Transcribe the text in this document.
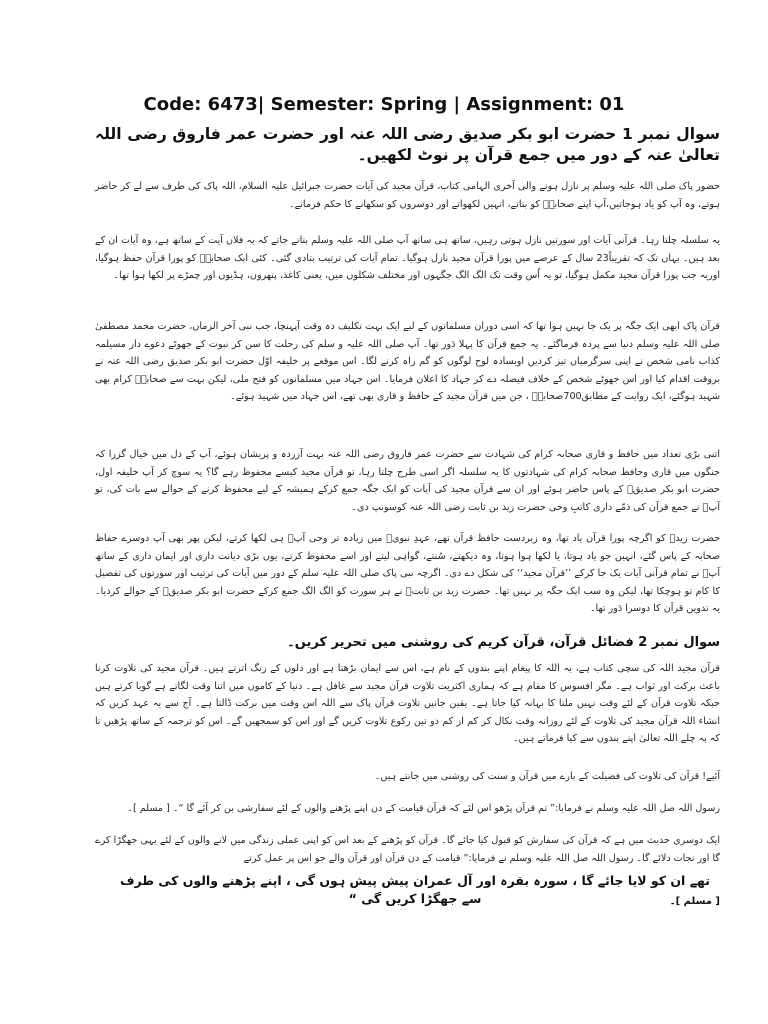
Code: 6473| Semester: Spring | Assignment: 01
سوال نمبر 1 حضرت ابو بکر صدیق رضی اللہ عنہ اور حضرت عمر فاروق رضی اللہ تعالیٰ عنہ کے دور میں جمع قرآن پر نوٹ لکھیں۔
حضور پاک صلی اللہ علیہ وسلم پر نازل ہونے والی آخری الہامی کتاب، قرآن مجید کی آیات حضرت جبرائیل علیہ السلام، اللہ پاک کی طرف سے لے کر حاضر ہوتے، وہ آپ کو یاد ہوجاتیں،آپ اپنے صحابہؓ کو بتاتے، انہیں لکھواتے اور دوسروں کو سکھانے کا حکم فرماتے۔
یہ سلسلہ چلتا رہا۔ قرآنی آیات اور سورتیں نازل ہوتی رہیں، ساتھ ہی ساتھ آپ صلی اللہ علیہ وسلم بتاتے جاتے کہ یہ فلاں آیت کے ساتھ ہے، وہ آیات ان کے بعد ہیں۔ یہاں تک کہ تقریباً23 سال کے عرصے میں پورا قرآن مجید نازل ہوگیا۔ تمام آیات کی ترتیب بتادی گئی۔ کئی ایک صحابہؓ کو پورا قرآن حفظ ہوگیا، اوریہ جب پورا قرآن مجید مکمل ہوگیا، تو یہ اُس وقت تک الگ الگ جگہوں اور مختلف شکلوں میں، یعنی کاغذ، پتھروں، ہڈیوں اور چمڑے پر لکھا ہوا تھا۔
قرآن پاک ابھی ایک جگہ پر یک جا نہیں ہوا تھا کہ اسی دوران مسلمانوں کے لیے ایک بہت تکلیف دہ وقت آپہنچا، جب نبی آخر الزماں، حضرت محمد مصطفیٰ صلی اللہ علیہ وسلم دنیا سے پردہ فرماگئے۔ یہ جمع قرآن کا پہلا دَور تھا۔ آپ صلی اللہ علیہ و سلم کی رحلت کا سن کر نبوت کے جھوٹے دعوے دار مسیلمہ کذاب نامی شخص نے اپنی سرگرمیاں تیز کردیں اوبسادہ لوح لوگوں کو گم راہ کرنے لگا۔ اس موقعے پر خلیفہ اوّل حضرت ابو بکر صدیق رضی اللہ عنہ نے بروقت اقدام کیا اور اس جھوٹے شخص کے خلاف فیصلہ دے کر جہاد کا اعلان فرمایا۔ اس جہاد میں مسلمانوں کو فتح ملی، لیکن بہت سے صحابہؓ کرام بھی شہید ہوگئے، ایک روایت کے مطابق700صحابہؓ ، جن میں قرآن مجید کے حافظ و قاری بھی تھے، اس جہاد میں شہید ہوئے۔
اتنی بڑی تعداد میں حافظ و قاری صحابہ کرام کی شہادت سے حضرت عمر فاروق رضی اللہ عنہ بہت آزردہ و پریشان ہوئے، آپ کے دل میں خیال گزرا کہ جنگوں میں قاری وحافظ صحابہ کرام کی شہادتوں کا یہ سلسلہ اگر اسی طرح چلتا رہا، تو قرآن مجید کیسے محفوظ رہے گا؟ یہ سوچ کر آپ خلیفہ اول، حضرت ابو بکر صدیقؓ کے پاس حاضر ہوئے اور ان سے قرآن مجید کی آیات کو ایک جگہ جمع کرکے ہمیشہ کے لیے محفوظ کرنے کے حوالے سے بات کی، تو آپؓ نے جمع قرآن کی ذمّے داری کاتبِ وحی حضرت زید بن ثابت رضی اللہ عنہ کوسونپ دی۔
حضرت زیدؓ کو اگرچہ پورا قرآن یاد تھا، وہ زبردست حافظ قرآن تھے، عہدِ نبویؐ میں زیادہ تر وحی آپؓ ہی لکھا کرتے، لیکن پھر بھی آپ دوسرے حفاظ صحابہ کے پاس گئے، انہیں جو یاد ہوتا، یا لکھا ہوا ہوتا، وہ دیکھتے، سُنتے، گواہی لیتے اور اسے محفوظ کرتے، یوں بڑی دیانت داری اور ایمان داری کے ساتھ آپؓ نے تمام قرآنی آیات یک جا کرکے ’’قرآن مجید‘‘ کی شکل دے دی۔ اگرچہ نبی پاک صلی اللہ علیہ سلم کے دور میں آیات کی ترتیب اور سورتوں کی تفصیل کا کام تو ہوچکا تھا، لیکن وہ سب ایک جگہ پر نہیں تھا۔ حضرت زید بن ثابتؓ نے ہر سورت کو الگ الگ جمع کرکے حضرت ابو بکر صدیقؓ کے حوالے کردیا۔ یہ تدوین قرآن کا دوسرا دَور تھا۔
سوال نمبر 2 فضائل قرآن، قرآن کریم کی روشنی میں تحریر کریں۔
قرآن مجید اللہ کی سچی کتاب ہے، یہ اللہ کا پیغام اپنے بندوں کے نام ہے، اس سے ایمان بڑھتا ہے اور دلوں کے زنگ اترتے ہیں۔ قرآن مجید کی تلاوت کرنا باعث برکت اور ثواب ہے۔ مگر افسوس کا مقام ہے کہ ہماری اکثریت تلاوت قرآن مجید سے غافل ہے۔ دنیا کے کاموں میں اتنا وقت لگاتے ہے گویا کرتے ہیں جبکہ تلاوت قرآن کے لئے وقت نہیں ملتا کا بہانہ کیا جاتا ہے۔ یقین جانیں تلاوت قرآن پاک سے اللہ اس وقت میں برکت ڈالتا ہے۔ آج سے یہ عہد کریں کہ انشاء اللہ قرآن مجید کی تلاوت کے لئے روزانہ وقت نکال کر کم از کم دو تین رکوع تلاوت کریں گے اور اس کو سمجھیں گے۔ اس کو ترجمہ کے ساتھ پڑھیں تا کہ یہ چلے اللہ تعالیٰ اپنے بندوں سے کیا فرماتے ہیں۔
آئیے! قرآن کی تلاوت کی فضیلت کے بارے میں قرآن و سنت کی روشنی میں جانتے ہیں۔
رسول اللہ صل اللہ علیہ وسلم نے فرمایا:” تم قرآن پڑھو اس لئے کہ قرآن قیامت کے دن اپنے پڑھنے والوں کے لئے سفارشی بن کر آئے گا “۔ [ مسلم ]۔
ایک دوسری حدیث میں ہے کہ قرآن کی سفارش کو قبول کیا جائے گا۔ قرآن کو پڑھنے کے بعد اس کو اپنی عملی زندگی میں لانے والوں کے لئے یہی جھگڑا کرے گا اور نجات دلائے گا۔ رسول اللہ صل اللہ علیہ وسلم نے فرمایا:” قیامت کے دن قرآن اور قرآن والے جو اس پر عمل کرتے
تھے ان کو لایا جائے گا ، سورہ بقرہ اور آل عمران پیش پیش ہوں گی ، اپنے پڑھنے والوں کی طرف سے جھگڑا کریں گی “	[ مسلم ]۔
